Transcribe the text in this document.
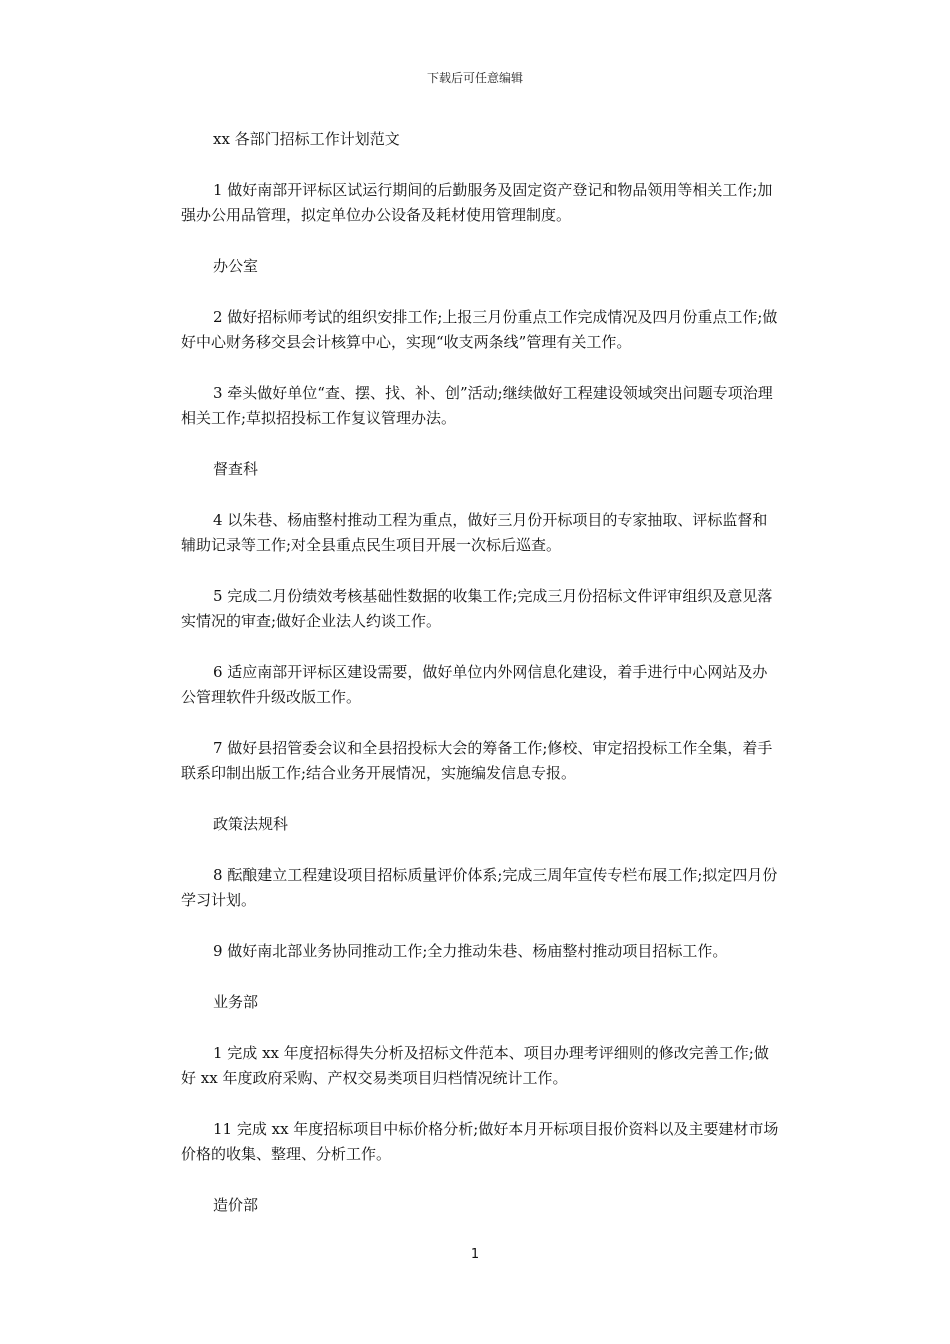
下载后可任意编辑

xx 各部门招标工作计划范文

1 做好南部开评标区试运行期间的后勤服务及固定资产登记和物品领用等相关工作;加强办公用品管理，拟定单位办公设备及耗材使用管理制度。

办公室

2 做好招标师考试的组织安排工作;上报三月份重点工作完成情况及四月份重点工作;做好中心财务移交县会计核算中心，实现“收支两条线”管理有关工作。

3 牵头做好单位“查、摆、找、补、创”活动;继续做好工程建设领域突出问题专项治理相关工作;草拟招投标工作复议管理办法。

督查科

4 以朱巷、杨庙整村推动工程为重点，做好三月份开标项目的专家抽取、评标监督和辅助记录等工作;对全县重点民生项目开展一次标后巡查。

5 完成二月份绩效考核基础性数据的收集工作;完成三月份招标文件评审组织及意见落实情况的审查;做好企业法人约谈工作。

6 适应南部开评标区建设需要，做好单位内外网信息化建设，着手进行中心网站及办公管理软件升级改版工作。

7 做好县招管委会议和全县招投标大会的筹备工作;修校、审定招投标工作全集，着手联系印制出版工作;结合业务开展情况，实施编发信息专报。

政策法规科

8 酝酿建立工程建设项目招标质量评价体系;完成三周年宣传专栏布展工作;拟定四月份学习计划。

9 做好南北部业务协同推动工作;全力推动朱巷、杨庙整村推动项目招标工作。

业务部

1 完成 xx 年度招标得失分析及招标文件范本、项目办理考评细则的修改完善工作;做好 xx 年度政府采购、产权交易类项目归档情况统计工作。

11 完成 xx 年度招标项目中标价格分析;做好本月开标项目报价资料以及主要建材市场价格的收集、整理、分析工作。

造价部

1
